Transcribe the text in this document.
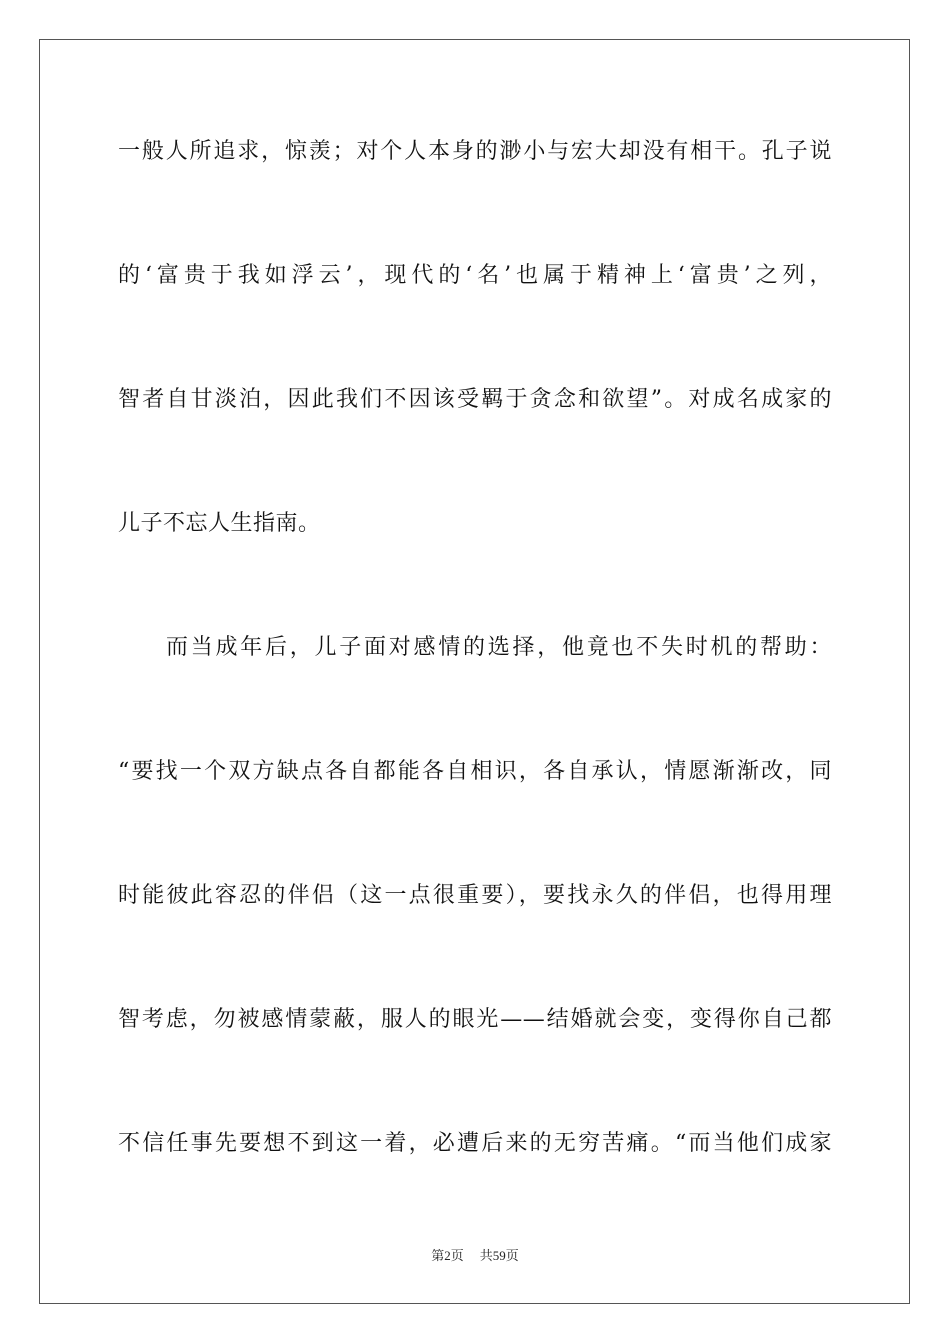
一般人所追求，惊羡；对个人本身的渺小与宏大却没有相干。孔子说
的‘富贵于我如浮云’，现代的‘名’也属于精神上‘富贵’之列，
智者自甘淡泊，因此我们不因该受羁于贪念和欲望”。对成名成家的
儿子不忘人生指南。
而当成年后，儿子面对感情的选择，他竟也不失时机的帮助：
“要找一个双方缺点各自都能各自相识，各自承认，情愿渐渐改，同
时能彼此容忍的伴侣（这一点很重要），要找永久的伴侣，也得用理
智考虑，勿被感情蒙蔽，服人的眼光——结婚就会变，变得你自己都
不信任事先要想不到这一着，必遭后来的无穷苦痛。“而当他们成家
第2页 共59页
